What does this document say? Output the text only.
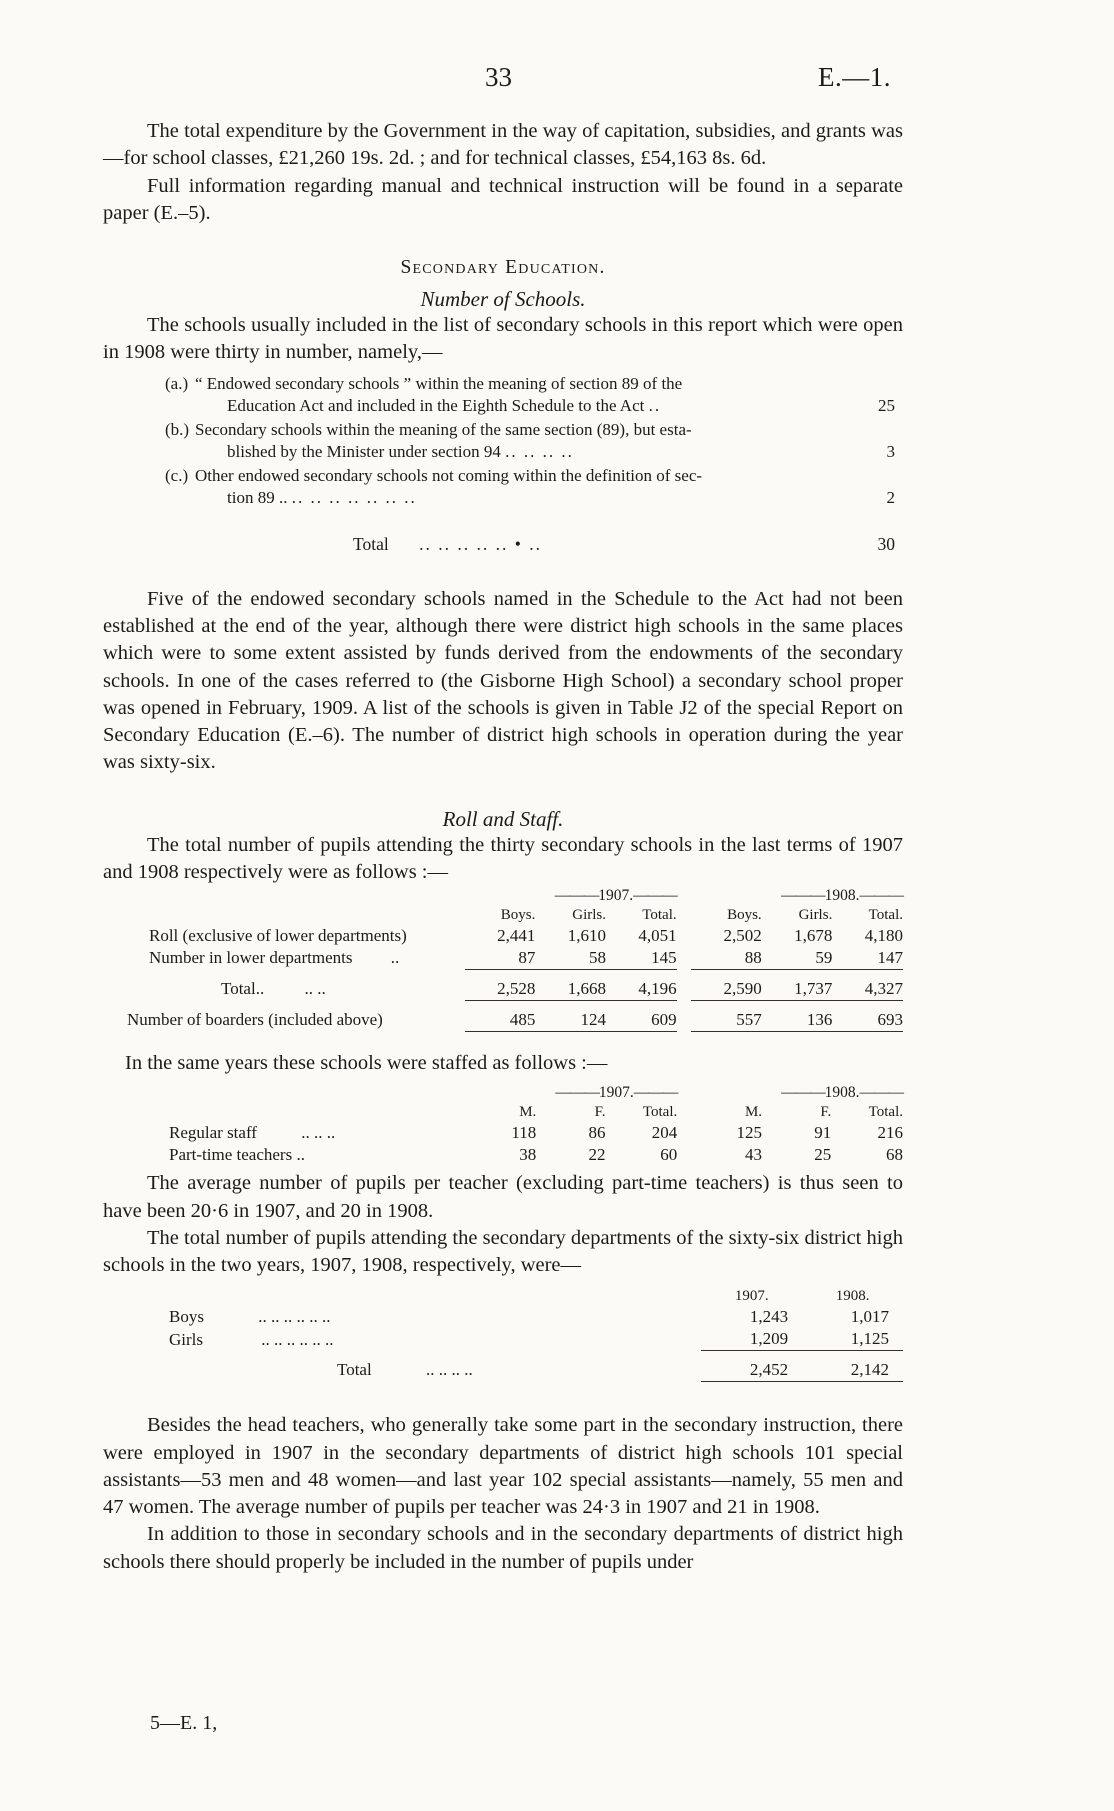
33	E.—1.

The total expenditure by the Government in the way of capitation, subsidies, and grants was—for school classes, £21,260 19s. 2d. ; and for technical classes, £54,163 8s. 6d.

Full information regarding manual and technical instruction will be found in a separate paper (E.–5).

Secondary Education.
Number of Schools.

The schools usually included in the list of secondary schools in this report which were open in 1908 were thirty in number, namely,—

(a.) “ Endowed secondary schools ” within the meaning of section 89 of the
Education Act and included in the Eighth Schedule to the Act ..	25
(b.) Secondary schools within the meaning of the same section (89), but esta-
blished by the Minister under section 94 .. .. .. ..	3
(c.) Other endowed secondary schools not coming within the definition of sec-
tion 89 .. .. .. .. .. .. .. ..	2
Total .. .. .. .. .. • ..	30

Five of the endowed secondary schools named in the Schedule to the Act had not been established at the end of the year, although there were district high schools in the same places which were to some extent assisted by funds derived from the endowments of the secondary schools. In one of the cases referred to (the Gisborne High School) a secondary school proper was opened in February, 1909. A list of the schools is given in Table J2 of the special Report on Secondary Education (E.–6). The number of district high schools in operation during the year was sixty-six.

Roll and Staff.

The total number of pupils attending the thirty secondary schools in the last terms of 1907 and 1908 respectively were as follows :—

	―――1907.―――				―――1908.―――		
	Boys.	Girls.	Total.		Boys.	Girls.	Total.
Roll (exclusive of lower departments)	2,441	1,610	4,051		2,502	1,678	4,180
Number in lower departments ..	87	58	145		88	59	147
Total.. .. ..	2,528	1,668	4,196		2,590	1,737	4,327
Number of boarders (included above)	485	124	609		557	136	693

In the same years these schools were staffed as follows :—

	―――1907.―――				―――1908.―――		
	M.	F.	Total.		M.	F.	Total.
Regular staff .. .. ..	118	86	204		125	91	216
Part-time teachers ..	38	22	60		43	25	68

The average number of pupils per teacher (excluding part-time teachers) is thus seen to have been 20·6 in 1907, and 20 in 1908.

The total number of pupils attending the secondary departments of the sixty-six district high schools in the two years, 1907, 1908, respectively, were—

	1907.	1908.
Boys .. .. .. .. .. ..	1,243	1,017
Girls .. .. .. .. .. ..	1,209	1,125
Total .. .. .. ..	2,452	2,142

Besides the head teachers, who generally take some part in the secondary instruction, there were employed in 1907 in the secondary departments of district high schools 101 special assistants—53 men and 48 women—and last year 102 special assistants—namely, 55 men and 47 women. The average number of pupils per teacher was 24·3 in 1907 and 21 in 1908.

In addition to those in secondary schools and in the secondary departments of district high schools there should properly be included in the number of pupils under

5—E. 1,
